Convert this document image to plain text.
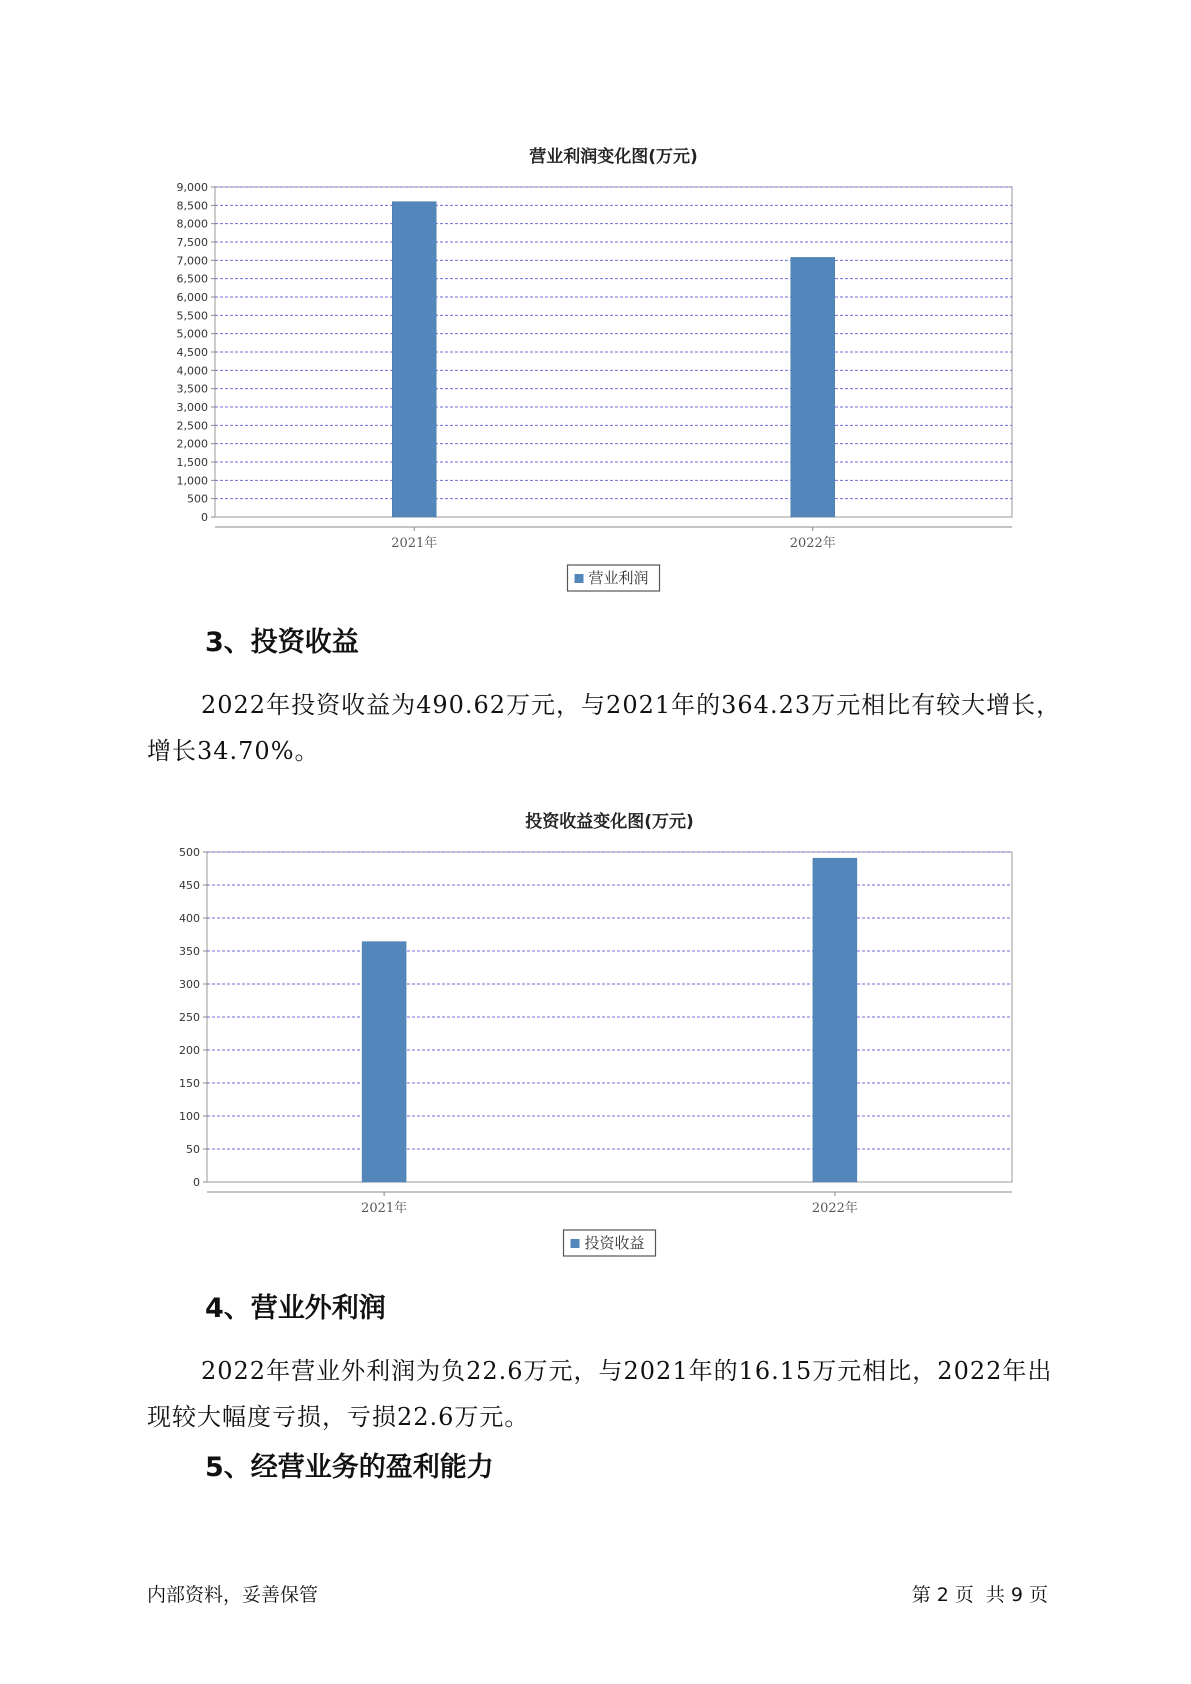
营业利润变化图(万元)
0
500
1,000
1,500
2,000
2,500
3,000
3,500
4,000
4,500
5,000
5,500
6,000
6,500
7,000
7,500
8,000
8,500
9,000
2021年	2022年
营业利润
3、投资收益

2022年投资收益为490.62万元，与2021年的364.23万元相比有较大增长，增长34.70%。

投资收益变化图(万元)
0
50
100
150
200
250
300
350
400
450
500
2021年	2022年
投资收益
4、营业外利润

2022年营业外利润为负22.6万元，与2021年的16.15万元相比，2022年出现较大幅度亏损，亏损22.6万元。

5、经营业务的盈利能力
内部资料，妥善保管	第 2 页  共 9 页
